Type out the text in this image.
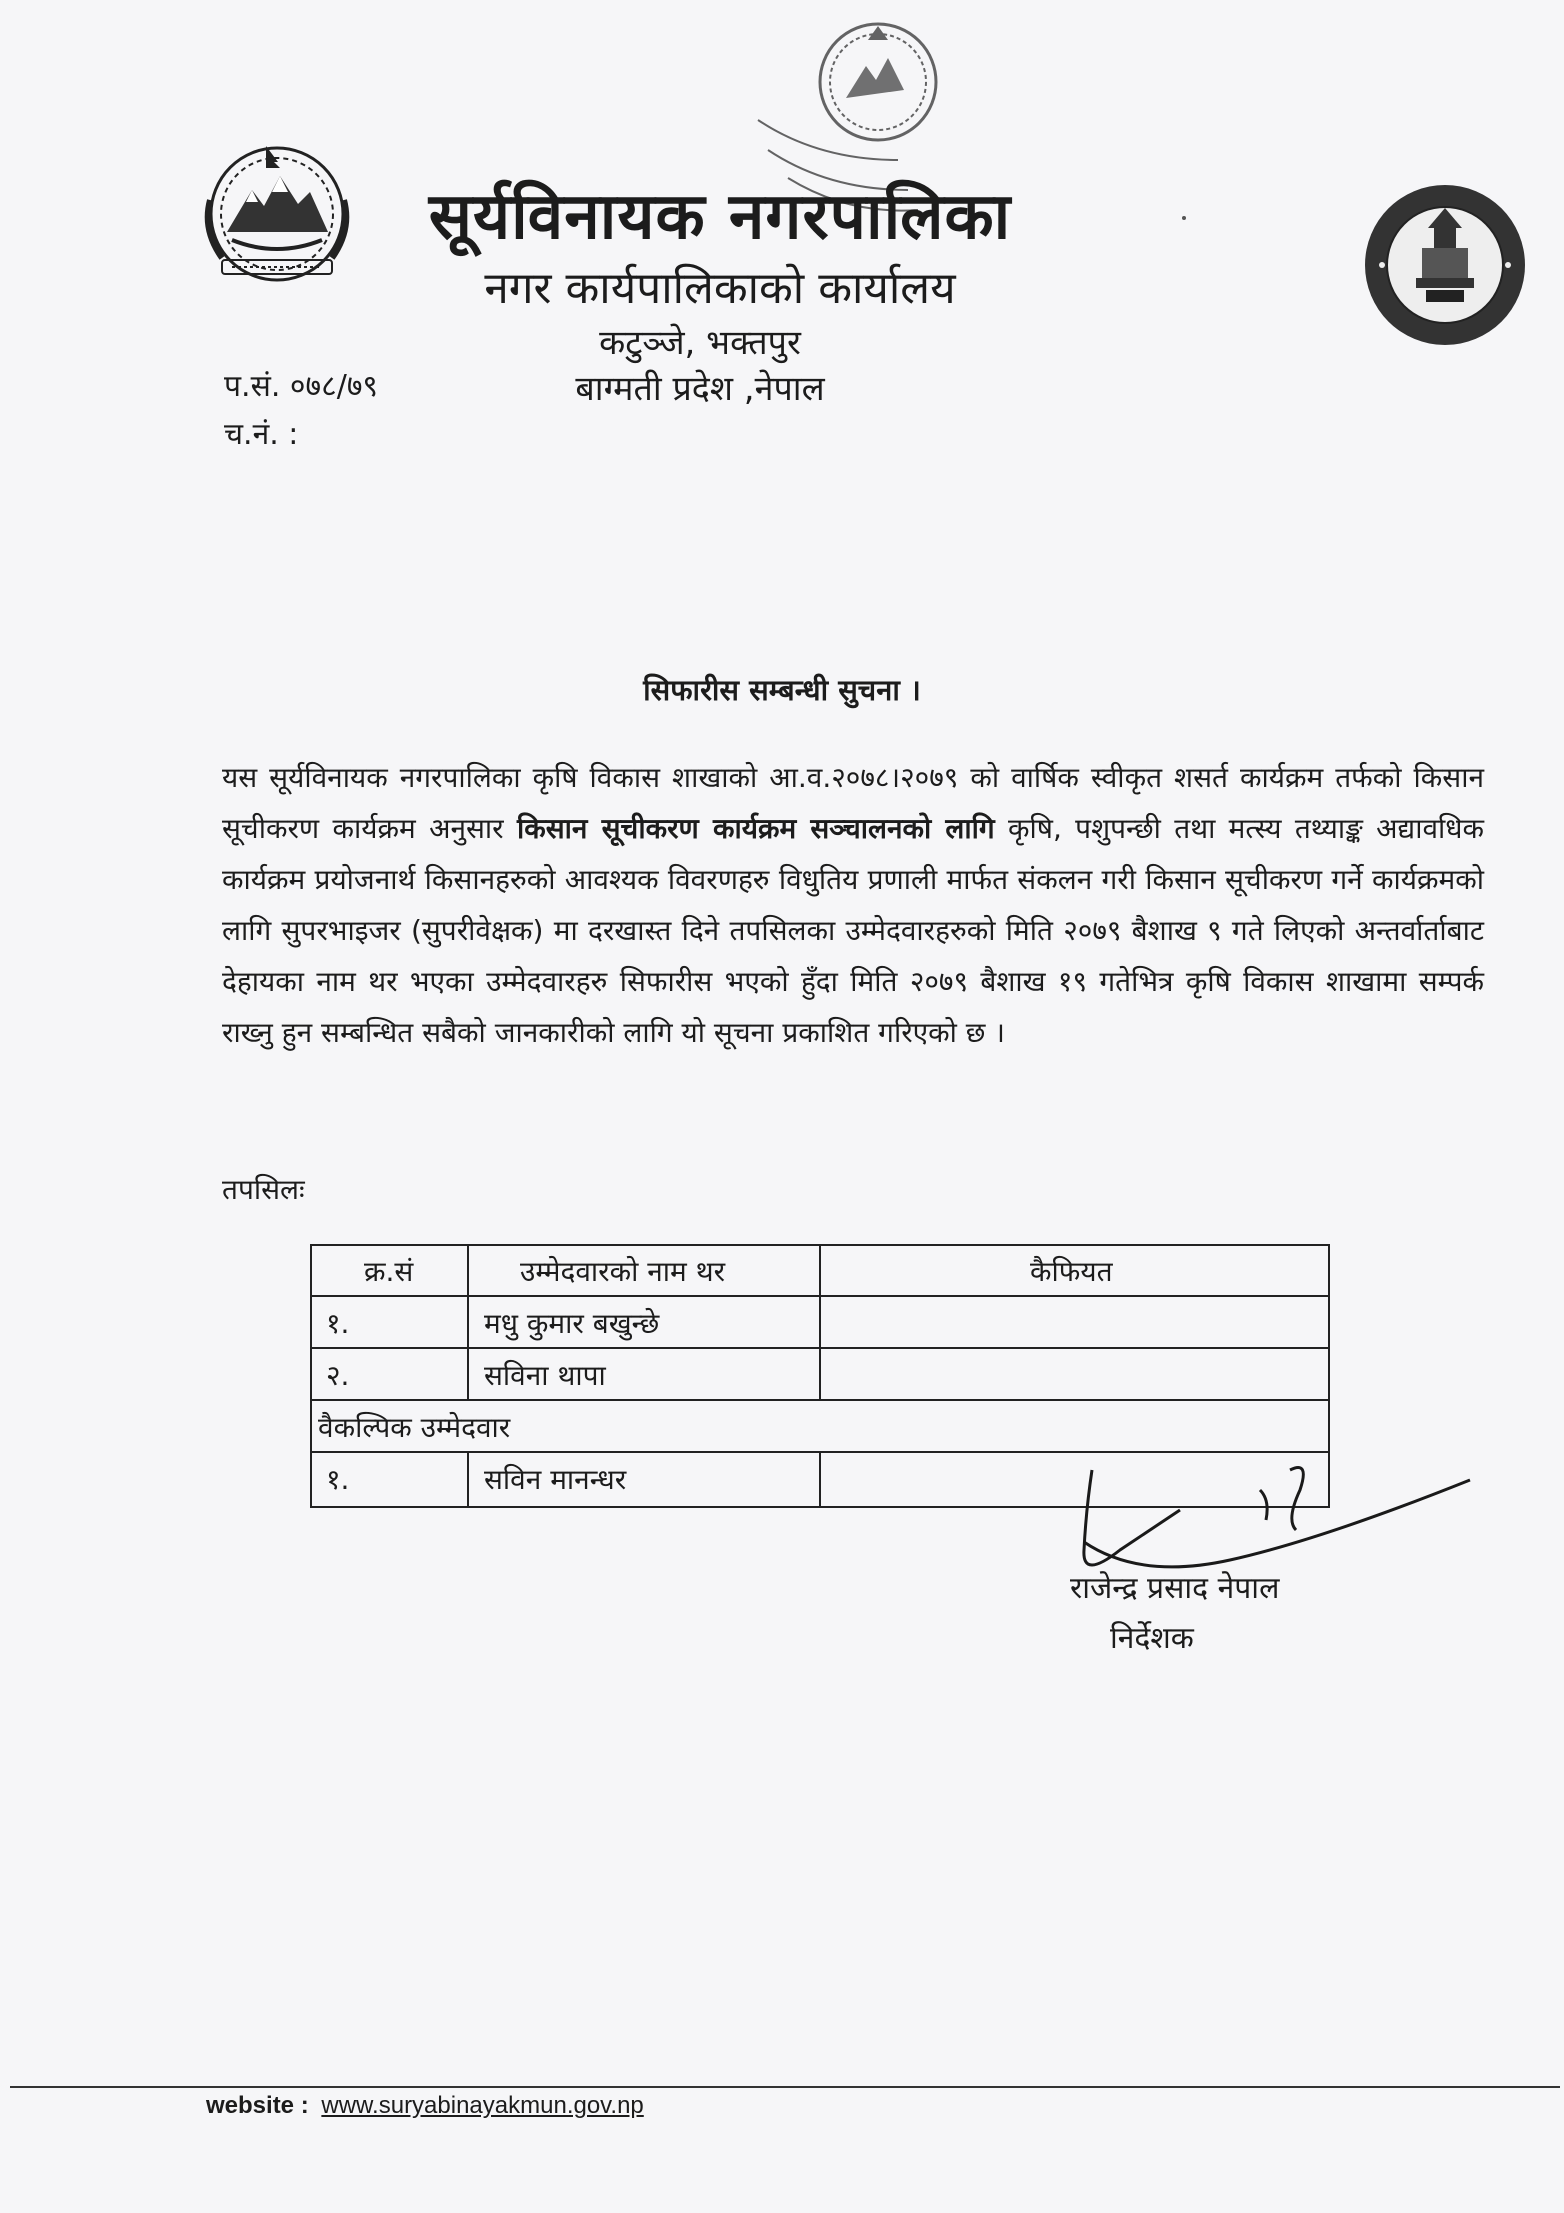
सूर्यविनायक नगरपालिका
नगर कार्यपालिकाको कार्यालय
कटुञ्जे, भक्तपुर
बाग्मती प्रदेश ,नेपाल
प.सं. ०७८/७९
च.नं. :
सिफारीस सम्बन्धी सुचना ।
यस सूर्यविनायक नगरपालिका कृषि विकास शाखाको आ.व.२०७८।२०७९ को वार्षिक स्वीकृत शसर्त कार्यक्रम तर्फको किसान सूचीकरण कार्यक्रम अनुसार किसान सूचीकरण कार्यक्रम सञ्चालनको लागि कृषि, पशुपन्छी तथा मत्स्य तथ्याङ्क अद्यावधिक कार्यक्रम प्रयोजनार्थ किसानहरुको आवश्यक विवरणहरु विधुतिय प्रणाली मार्फत संकलन गरी किसान सूचीकरण गर्ने कार्यक्रमको लागि सुपरभाइजर (सुपरीवेक्षक) मा दरखास्त दिने तपसिलका उम्मेदवारहरुको मिति २०७९ बैशाख ९ गते लिएको अन्तर्वार्ताबाट देहायका नाम थर भएका उम्मेदवारहरु सिफारीस भएको हुँदा मिति २०७९ बैशाख १९ गतेभित्र कृषि विकास शाखामा सम्पर्क राख्नु हुन सम्बन्धित सबैको जानकारीको लागि यो सूचना प्रकाशित गरिएको छ ।
तपसिलः
क्र.सं	उम्मेदवारको नाम थर	कैफियत
१.	मधु कुमार बखुन्छे
२.	सविना थापा
वैकल्पिक उम्मेदवार
१.	सविन मानन्धर
राजेन्द्र प्रसाद नेपाल
निर्देशक
website : www.suryabinayakmun.gov.np
